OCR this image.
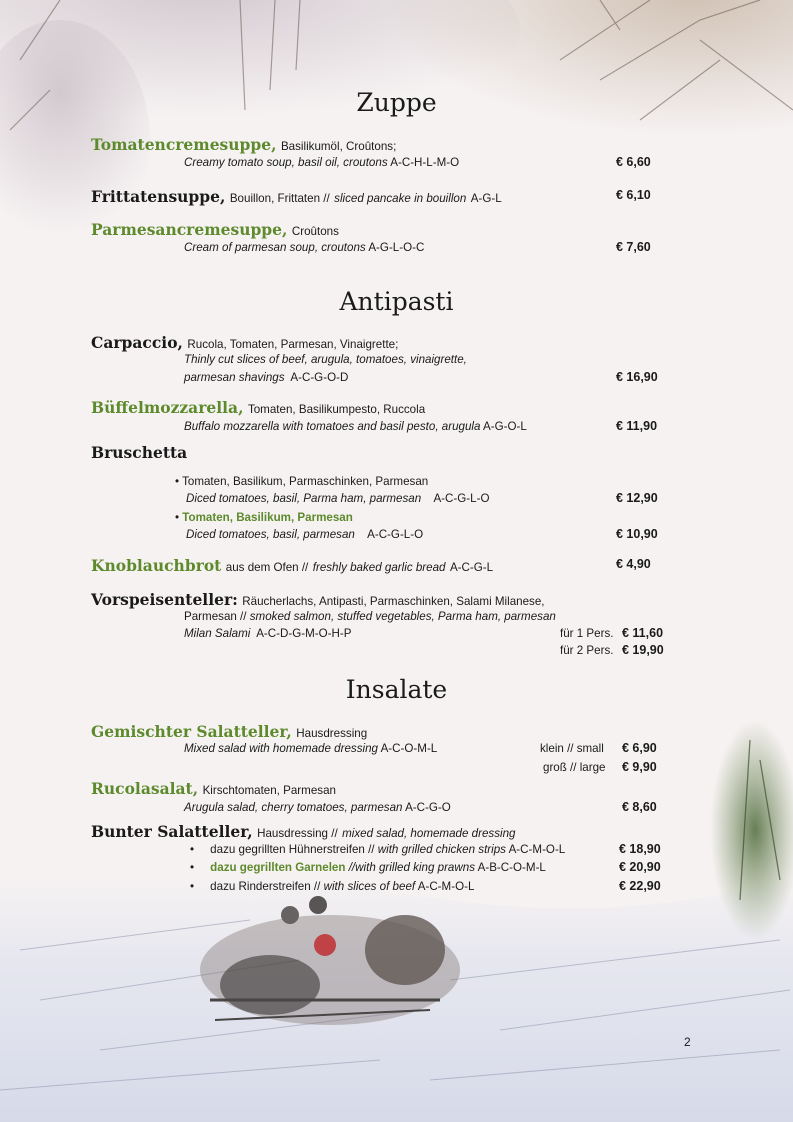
Zuppe
Tomatencremesuppe, Basilikumöl, Croûtons;
Creamy tomato soup, basil oil, croutons A-C-H-L-M-O	€ 6,60
Frittatensuppe, Bouillon, Frittaten // sliced pancake in bouillon A-G-L	€ 6,10
Parmesancremesuppe, Croûtons
Cream of parmesan soup, croutons A-G-L-O-C	€ 7,60
Antipasti
Carpaccio, Rucola, Tomaten, Parmesan, Vinaigrette;
Thinly cut slices of beef, arugula, tomatoes, vinaigrette,
parmesan shavings A-C-G-O-D	€ 16,90
Büffelmozzarella, Tomaten, Basilikumpesto, Ruccola
Buffalo mozzarella with tomatoes and basil pesto, arugula A-G-O-L	€ 11,90
Bruschetta
• Tomaten, Basilikum, Parmaschinken, Parmesan
Diced tomatoes, basil, Parma ham, parmesan A-C-G-L-O	€ 12,90
• Tomaten, Basilikum, Parmesan
Diced tomatoes, basil, parmesan A-C-G-L-O	€ 10,90
Knoblauchbrot aus dem Ofen // freshly baked garlic bread A-C-G-L	€ 4,90
Vorspeisenteller: Räucherlachs, Antipasti, Parmaschinken, Salami Milanese,
Parmesan // smoked salmon, stuffed vegetables, Parma ham, parmesan
Milan Salami A-C-D-G-M-O-H-P	für 1 Pers. € 11,60
für 2 Pers. € 19,90
Insalate
Gemischter Salatteller, Hausdressing
Mixed salad with homemade dressing A-C-O-M-L	klein // small € 6,90
groß // large € 9,90
Rucolasalat, Kirschtomaten, Parmesan
Arugula salad, cherry tomatoes, parmesan A-C-G-O	€ 8,60
Bunter Salatteller, Hausdressing // mixed salad, homemade dressing
• dazu gegrillten Hühnerstreifen // with grilled chicken strips A-C-M-O-L	€ 18,90
• dazu gegrillten Garnelen //with grilled king prawns A-B-C-O-M-L	€ 20,90
• dazu Rinderstreifen // with slices of beef A-C-M-O-L	€ 22,90
2
